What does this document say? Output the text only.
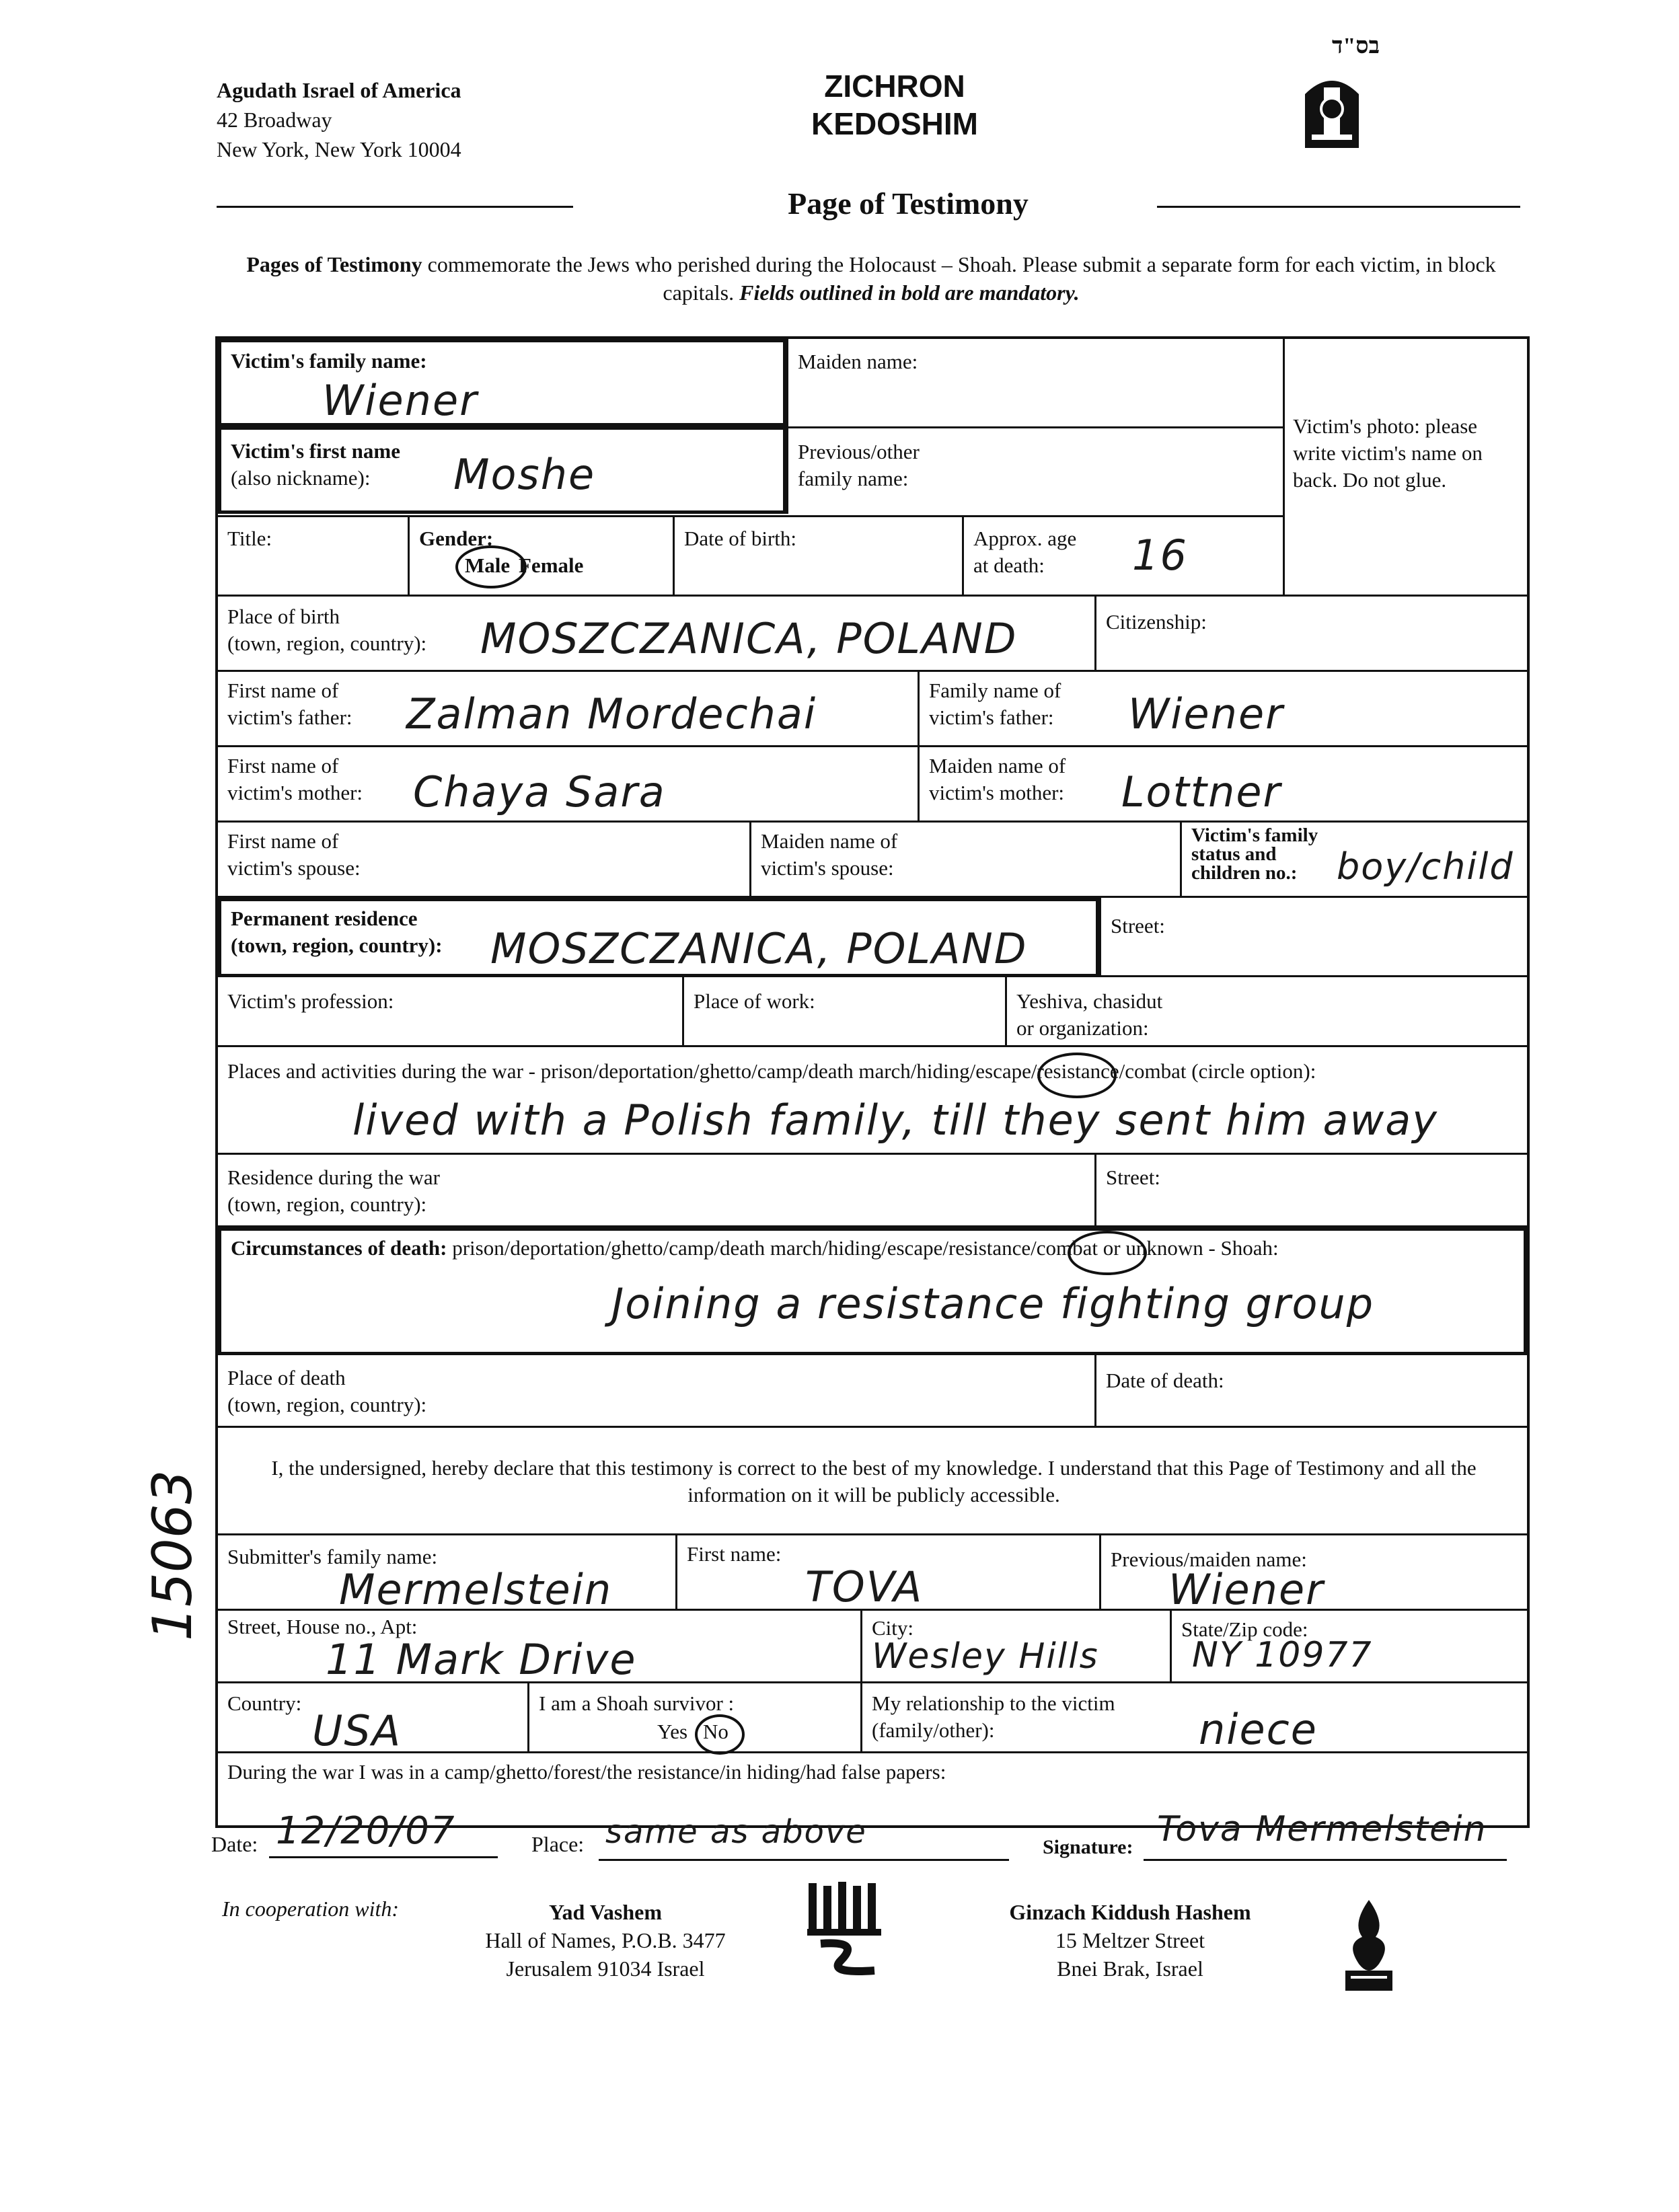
Agudath Israel of America
42 Broadway
New York, New York 10004
ZICHRON
KEDOSHIM
בס"ד
Page of Testimony
Pages of Testimony commemorate the Jews who perished during the Holocaust – Shoah. Please submit a separate form for each victim, in block capitals. Fields outlined in bold are mandatory.
Victim's family name:
Wiener
Maiden name:
Victim's photo: please write victim's name on back. Do not glue.
Victim's first name
(also nickname): Moshe	Previous/other
family name:
Title:	Gender:
Male Female
Date of birth:	Approx. age
at death: 16
Place of birth
(town, region, country): MOSZCZANICA, POLAND	Citizenship:
First name of
victim's father: Zalman Mordechai	Family name of
victim's father: Wiener
First name of
victim's mother: Chaya Sara
Maiden name of
victim's mother: Lottner
First name of
victim's spouse:
Maiden name of
victim's spouse:
Victim's family
status and
children no.: boy/child
Permanent residence
(town, region, country): MOSZCZANICA, POLAND	Street:
Victim's profession:	Place of work:	Yeshiva, chasidut
or organization:
Places and activities during the war - prison/deportation/ghetto/camp/death march/hiding/escape/resistance/combat (circle option):
lived with a Polish family, till they sent him away
Residence during the war
(town, region, country):
Street:
Circumstances of death: prison/deportation/ghetto/camp/death march/hiding/escape/resistance/combat or unknown - Shoah:
Joining a resistance fighting group
Place of death
(town, region, country):
Date of death:
I, the undersigned, hereby declare that this testimony is correct to the best of my knowledge. I understand that this Page of Testimony and all the information on it will be publicly accessible.
Submitter's family name:
Mermelstein
First name:
TOVA
Previous/maiden name:
Wiener
Street, House no., Apt:
11 Mark Drive
City:
Wesley Hills
State/Zip code:
NY 10977
Country:
USA
I am a Shoah survivor :
Yes No
My relationship to the victim
(family/other):	niece
During the war I was in a camp/ghetto/forest/the resistance/in hiding/had false papers:
15063
Date: 12/20/07	Place: same as above	Signature: Tova Mermelstein
In cooperation with:	Yad Vashem
Hall of Names, P.O.B. 3477
Jerusalem 91034 Israel
Ginzach Kiddush Hashem
15 Meltzer Street
Bnei Brak, Israel
